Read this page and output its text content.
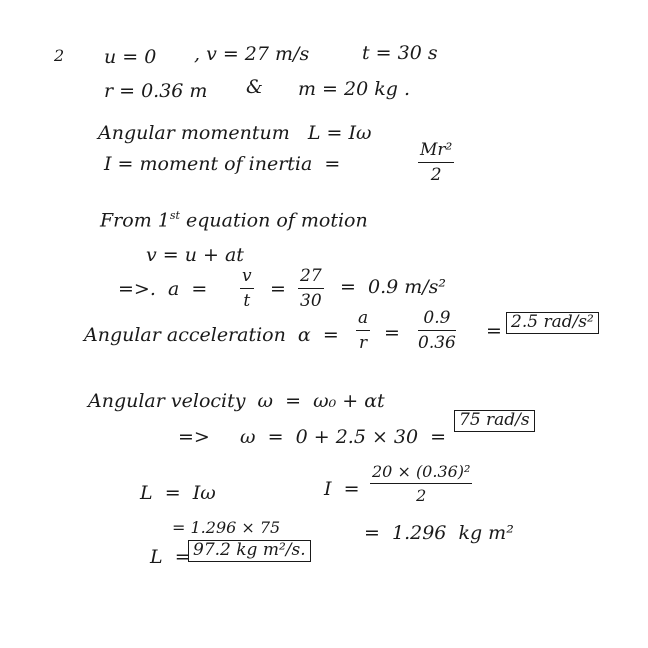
2 u = 0 , v = 27 m/s	t = 30 s
r = 0.36 m & m = 20 kg .
Angular momentum   L = Iω
I = moment of inertia  =	$\frac{\text{Mr²}}{2}$
From 1st equation of motion
v = u + at
=>.  $a = \frac{v}{t} = \frac{27}{30} = 0.9$ m/s²
Angular acceleration  $\alpha = \frac{a}{r} = \frac{0.9}{0.36} = 2.5$ rad/s²
Angular velocity  ω  =  ω₀ + αt
=>     ω  =  0 + 2.5 × 30  =
75 rad/s
L  =  Iω	$I = \frac{\text{20 × (0.36)²}}{2}$
= 1.296 × 75	=  1.296  kg m²
L  = 97.2 kg m²/s.
